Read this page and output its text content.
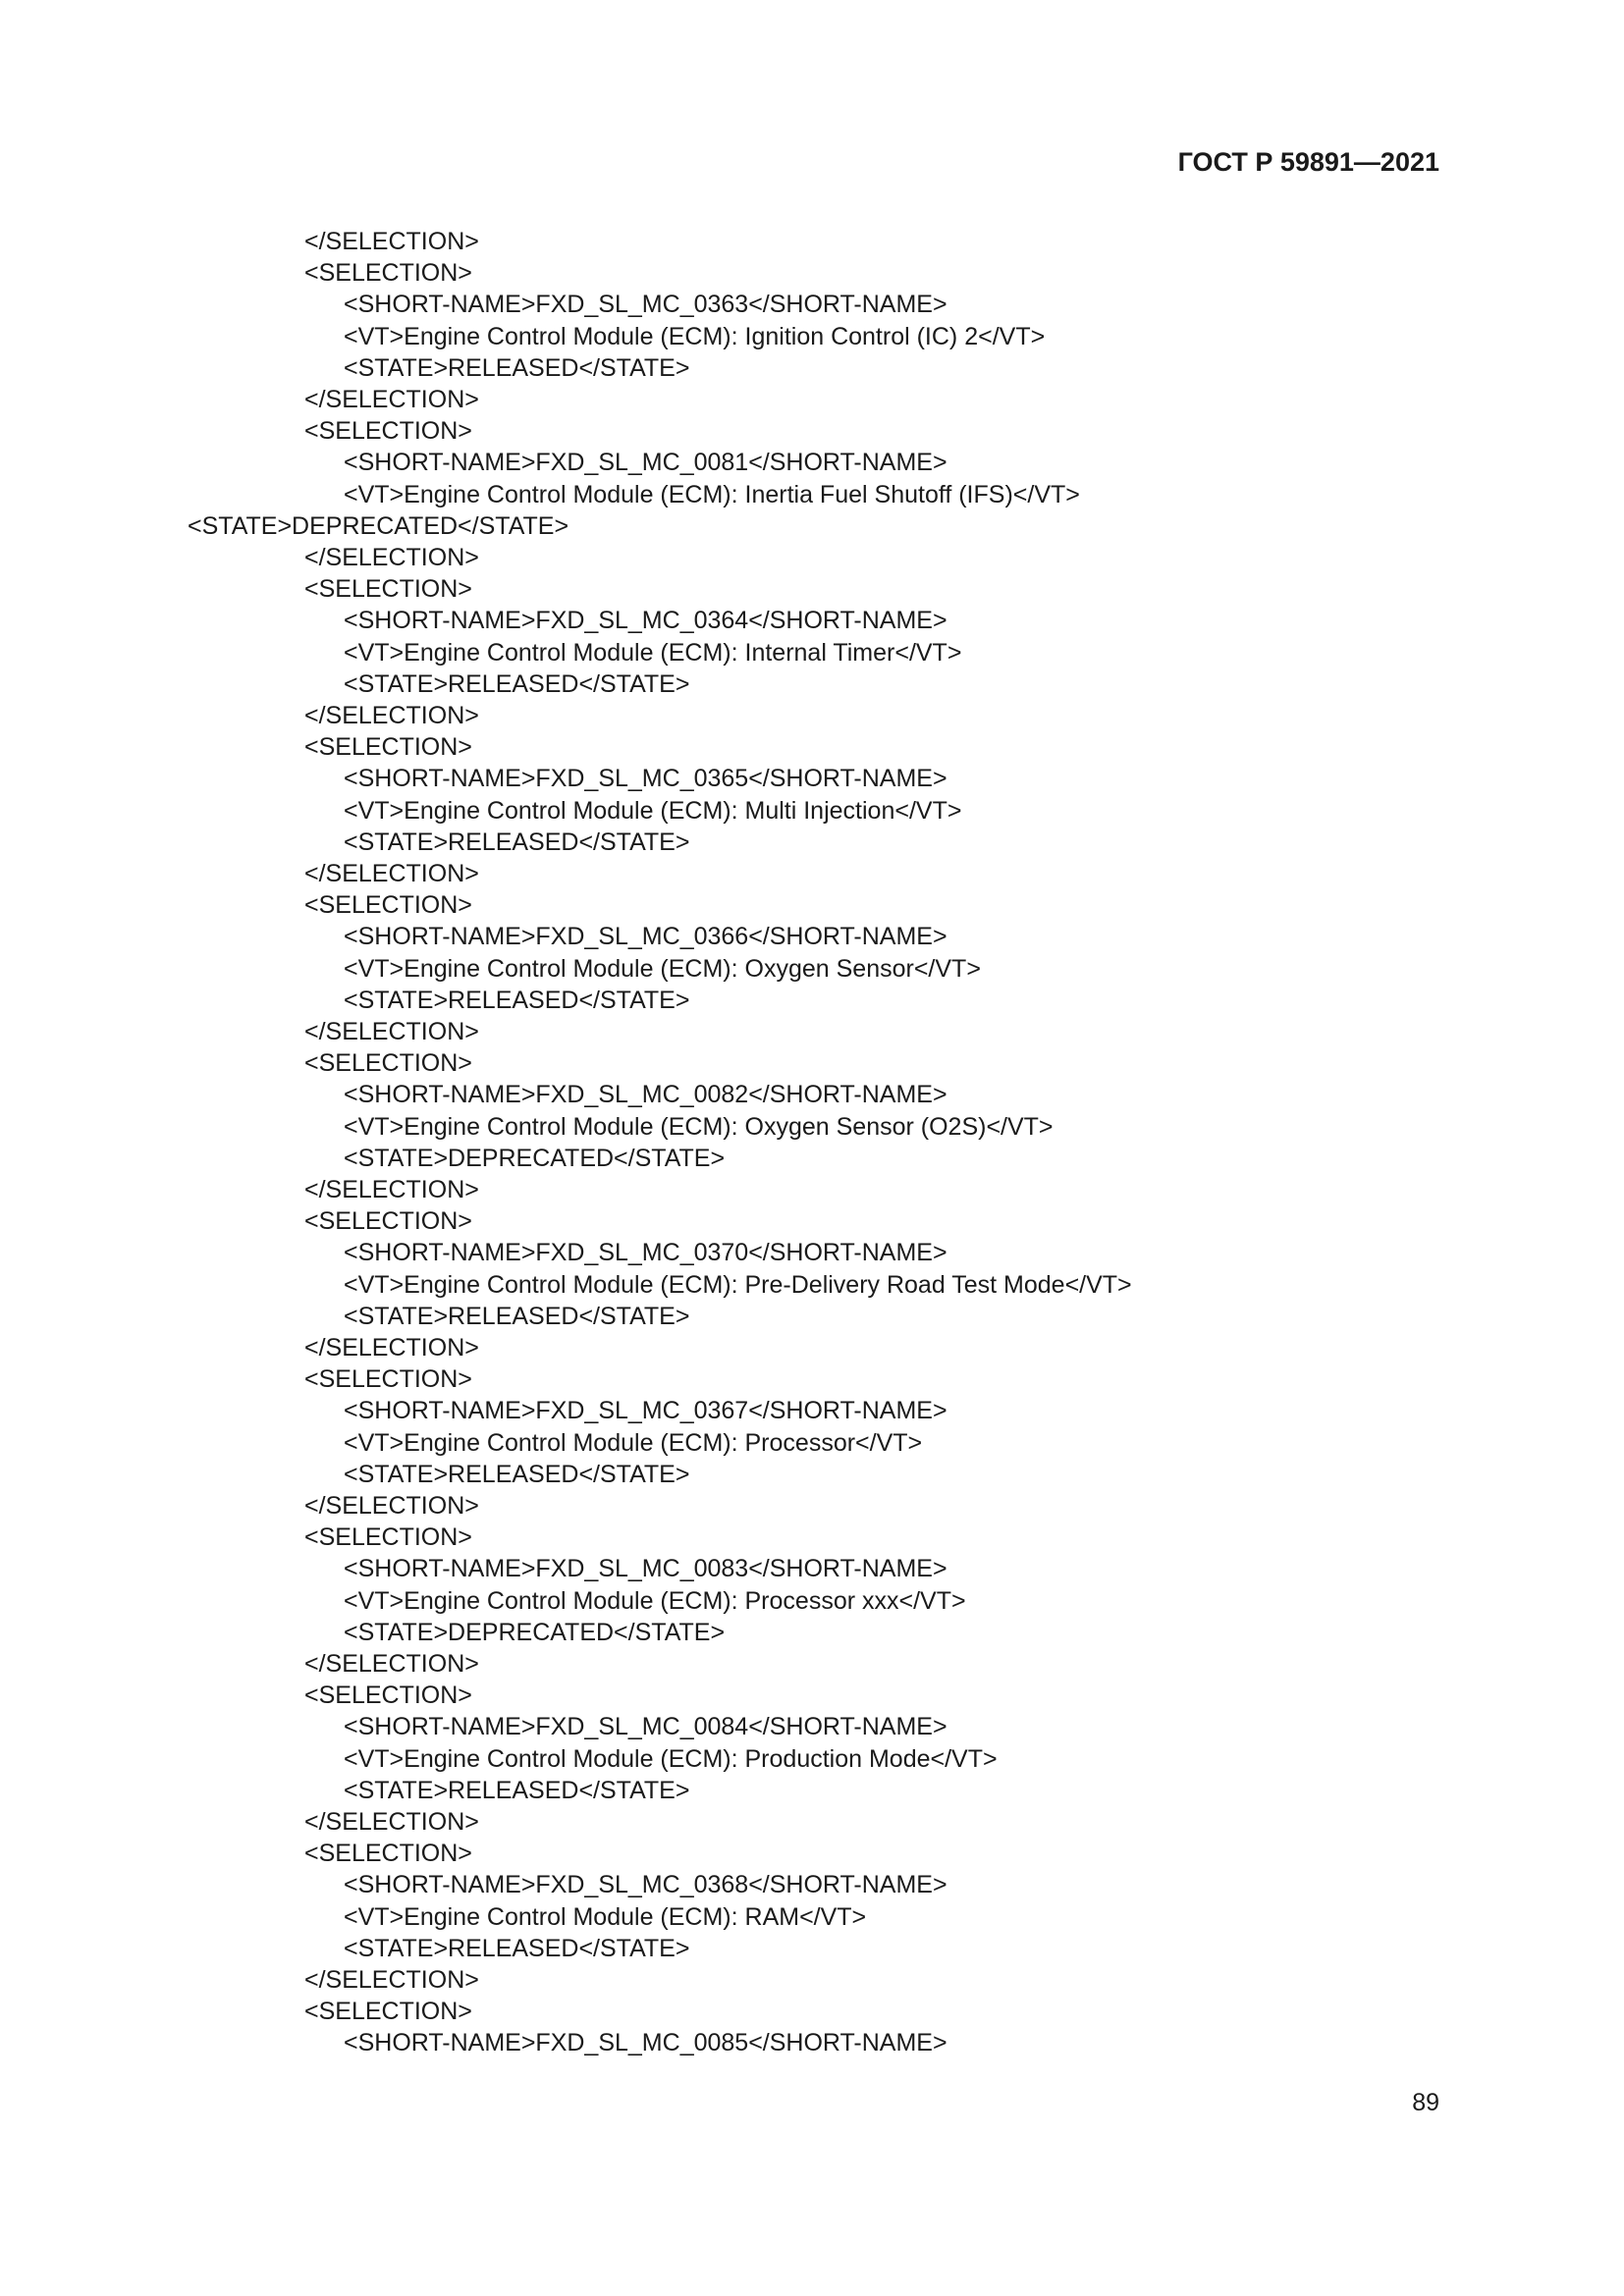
ГОСТ Р 59891—2021
</SELECTION>
<SELECTION>
<SHORT-NAME>FXD_SL_MC_0363</SHORT-NAME>
<VT>Engine Control Module (ECM): Ignition Control (IC) 2</VT>
<STATE>RELEASED</STATE>
</SELECTION>
<SELECTION>
<SHORT-NAME>FXD_SL_MC_0081</SHORT-NAME>
<VT>Engine Control Module (ECM): Inertia Fuel Shutoff (IFS)</VT>
<STATE>DEPRECATED</STATE>
</SELECTION>
<SELECTION>
<SHORT-NAME>FXD_SL_MC_0364</SHORT-NAME>
<VT>Engine Control Module (ECM): Internal Timer</VT>
<STATE>RELEASED</STATE>
</SELECTION>
<SELECTION>
<SHORT-NAME>FXD_SL_MC_0365</SHORT-NAME>
<VT>Engine Control Module (ECM): Multi Injection</VT>
<STATE>RELEASED</STATE>
</SELECTION>
<SELECTION>
<SHORT-NAME>FXD_SL_MC_0366</SHORT-NAME>
<VT>Engine Control Module (ECM): Oxygen Sensor</VT>
<STATE>RELEASED</STATE>
</SELECTION>
<SELECTION>
<SHORT-NAME>FXD_SL_MC_0082</SHORT-NAME>
<VT>Engine Control Module (ECM): Oxygen Sensor (O2S)</VT>
<STATE>DEPRECATED</STATE>
</SELECTION>
<SELECTION>
<SHORT-NAME>FXD_SL_MC_0370</SHORT-NAME>
<VT>Engine Control Module (ECM): Pre-Delivery Road Test Mode</VT>
<STATE>RELEASED</STATE>
</SELECTION>
<SELECTION>
<SHORT-NAME>FXD_SL_MC_0367</SHORT-NAME>
<VT>Engine Control Module (ECM): Processor</VT>
<STATE>RELEASED</STATE>
</SELECTION>
<SELECTION>
<SHORT-NAME>FXD_SL_MC_0083</SHORT-NAME>
<VT>Engine Control Module (ECM): Processor xxx</VT>
<STATE>DEPRECATED</STATE>
</SELECTION>
<SELECTION>
<SHORT-NAME>FXD_SL_MC_0084</SHORT-NAME>
<VT>Engine Control Module (ECM): Production Mode</VT>
<STATE>RELEASED</STATE>
</SELECTION>
<SELECTION>
<SHORT-NAME>FXD_SL_MC_0368</SHORT-NAME>
<VT>Engine Control Module (ECM): RAM</VT>
<STATE>RELEASED</STATE>
</SELECTION>
<SELECTION>
<SHORT-NAME>FXD_SL_MC_0085</SHORT-NAME>
89
